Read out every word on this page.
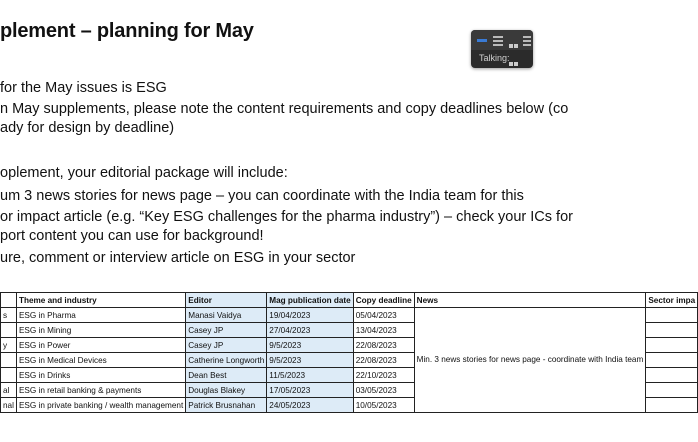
plement – planning for May
for the May issues is ESG
n May supplements, please note the content requirements and copy deadlines below (co
ady for design by deadline)
oplement, your editorial package will include:
um 3 news stories for news page – you can coordinate with the India team for this
or impact article (e.g. “Key ESG challenges for the pharma industry”) – check your ICs for
port content you can use for background!
ure, comment or interview article on ESG in your sector
Talking:
	Theme and industry	Editor	Mag publication date	Copy deadline	News	Sector impa
s	ESG in Pharma	Manasi Vaidya	19/04/2023	05/04/2023	Min. 3 news stories for news page - coordinate with India team	
	ESG in Mining	Casey JP	27/04/2023	13/04/2023		
y	ESG in Power	Casey JP	9/5/2023	22/08/2023		
	ESG in Medical Devices	Catherine Longworth	9/5/2023	22/08/2023		
	ESG in Drinks	Dean Best	11/5/2023	22/10/2023		
al	ESG in retail banking & payments	Douglas Blakey	17/05/2023	03/05/2023		
nal	ESG in private banking / wealth management	Patrick Brusnahan	24/05/2023	10/05/2023		
